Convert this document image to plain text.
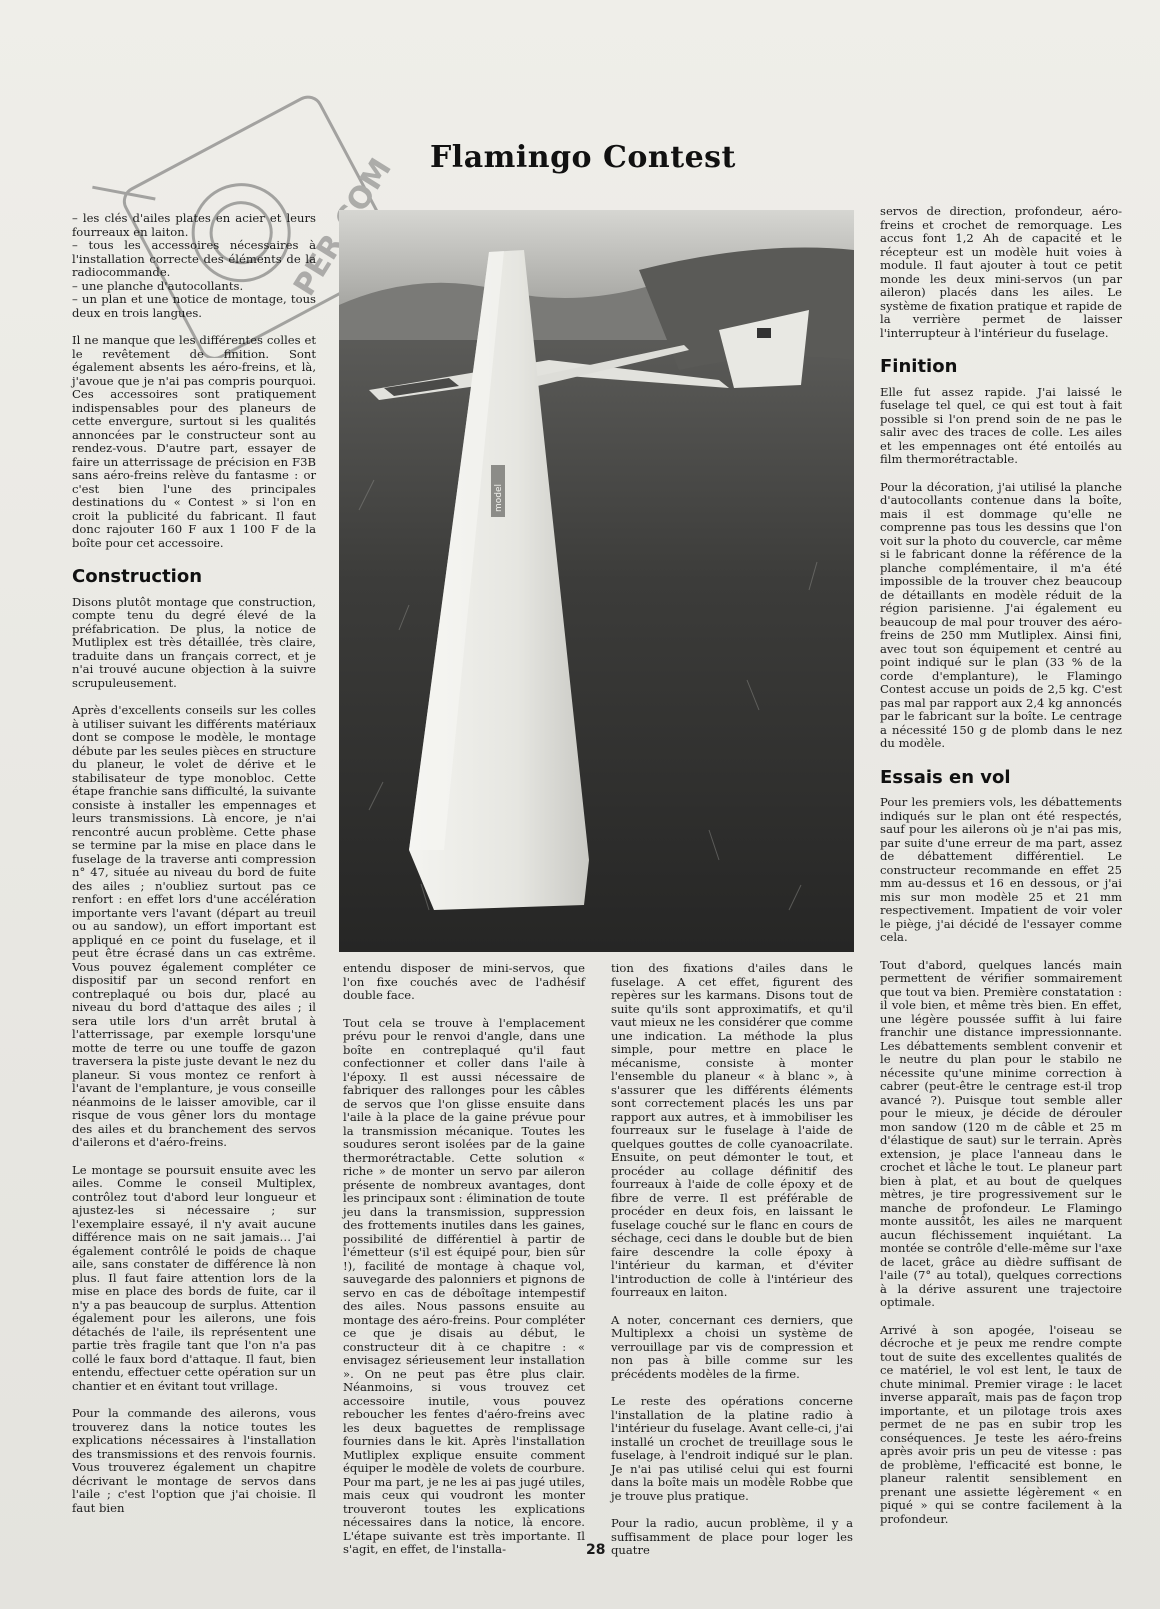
Flamingo Contest
– les clés d'ailes plates en acier et leurs fourreaux en laiton.
– tous les accessoires nécessaires à l'installation correcte des éléments de la radiocommande.
– une planche d'autocollants.
– un plan et une notice de montage, tous deux en trois langues.

Il ne manque que les différentes colles et le revêtement de finition. Sont également absents les aéro-freins, et là, j'avoue que je n'ai pas compris pourquoi. Ces accessoires sont pratiquement indispensables pour des planeurs de cette envergure, surtout si les qualités annoncées par le constructeur sont au rendez-vous. D'autre part, essayer de faire un atterrissage de précision en F3B sans aéro-freins relève du fantasme : or c'est bien l'une des principales destinations du « Contest » si l'on en croit la publicité du fabricant. Il faut donc rajouter 160 F aux 1 100 F de la boîte pour cet accessoire.

Construction

Disons plutôt montage que construction, compte tenu du degré élevé de la préfabrication. De plus, la notice de Mutliplex est très détaillée, très claire, traduite dans un français correct, et je n'ai trouvé aucune objection à la suivre scrupuleusement.

Après d'excellents conseils sur les colles à utiliser suivant les différents matériaux dont se compose le modèle, le montage débute par les seules pièces en structure du planeur, le volet de dérive et le stabilisateur de type monobloc. Cette étape franchie sans difficulté, la suivante consiste à installer les empennages et leurs transmissions. Là encore, je n'ai rencontré aucun problème. Cette phase se termine par la mise en place dans le fuselage de la traverse anti compression n° 47, située au niveau du bord de fuite des ailes ; n'oubliez surtout pas ce renfort : en effet lors d'une accélération importante vers l'avant (départ au treuil ou au sandow), un effort important est appliqué en ce point du fuselage, et il peut être écrasé dans un cas extrême. Vous pouvez également compléter ce dispositif par un second renfort en contreplaqué ou bois dur, placé au niveau du bord d'attaque des ailes ; il sera utile lors d'un arrêt brutal à l'atterrissage, par exemple lorsqu'une motte de terre ou une touffe de gazon traversera la piste juste devant le nez du planeur. Si vous montez ce renfort à l'avant de l'emplanture, je vous conseille néanmoins de le laisser amovible, car il risque de vous gêner lors du montage des ailes et du branchement des servos d'ailerons et d'aéro-freins.

Le montage se poursuit ensuite avec les ailes. Comme le conseil Multiplex, contrôlez tout d'abord leur longueur et ajustez-les si nécessaire ; sur l'exemplaire essayé, il n'y avait aucune différence mais on ne sait jamais… J'ai également contrôlé le poids de chaque aile, sans constater de différence là non plus. Il faut faire attention lors de la mise en place des bords de fuite, car il n'y a pas beaucoup de surplus. Attention également pour les ailerons, une fois détachés de l'aile, ils représentent une partie très fragile tant que l'on n'a pas collé le faux bord d'attaque. Il faut, bien entendu, effectuer cette opération sur un chantier et en évitant tout vrillage.

Pour la commande des ailerons, vous trouverez dans la notice toutes les explications nécessaires à l'installation des transmissions et des renvois fournis. Vous trouverez également un chapitre décrivant le montage de servos dans l'aile ; c'est l'option que j'ai choisie. Il faut bien

model

entendu disposer de mini-servos, que l'on fixe couchés avec de l'adhésif double face.

Tout cela se trouve à l'emplacement prévu pour le renvoi d'angle, dans une boîte en contreplaqué qu'il faut confectionner et coller dans l'aile à l'époxy. Il est aussi nécessaire de fabriquer des rallonges pour les câbles de servos que l'on glisse ensuite dans l'aile à la place de la gaine prévue pour la transmission mécanique. Toutes les soudures seront isolées par de la gaine thermorétractable. Cette solution « riche » de monter un servo par aileron présente de nombreux avantages, dont les principaux sont : élimination de toute jeu dans la transmission, suppression des frottements inutiles dans les gaines, possibilité de différentiel à partir de l'émetteur (s'il est équipé pour, bien sûr !), facilité de montage à chaque vol, sauvegarde des palonniers et pignons de servo en cas de déboîtage intempestif des ailes. Nous passons ensuite au montage des aéro-freins. Pour compléter ce que je disais au début, le constructeur dit à ce chapitre : « envisagez sérieusement leur installation ». On ne peut pas être plus clair. Néanmoins, si vous trouvez cet accessoire inutile, vous pouvez reboucher les fentes d'aéro-freins avec les deux baguettes de remplissage fournies dans le kit. Après l'installation Mutliplex explique ensuite comment équiper le modèle de volets de courbure. Pour ma part, je ne les ai pas jugé utiles, mais ceux qui voudront les monter trouveront toutes les explications nécessaires dans la notice, là encore. L'étape suivante est très importante. Il s'agit, en effet, de l'installa-

tion des fixations d'ailes dans le fuselage. A cet effet, figurent des repères sur les karmans. Disons tout de suite qu'ils sont approximatifs, et qu'il vaut mieux ne les considérer que comme une indication. La méthode la plus simple, pour mettre en place le mécanisme, consiste à monter l'ensemble du planeur « à blanc », à s'assurer que les différents éléments sont correctement placés les uns par rapport aux autres, et à immobiliser les fourreaux sur le fuselage à l'aide de quelques gouttes de colle cyanoacrilate. Ensuite, on peut démonter le tout, et procéder au collage définitif des fourreaux à l'aide de colle époxy et de fibre de verre. Il est préférable de procéder en deux fois, en laissant le fuselage couché sur le flanc en cours de séchage, ceci dans le double but de bien faire descendre la colle époxy à l'intérieur du karman, et d'éviter l'introduction de colle à l'intérieur des fourreaux en laiton.

A noter, concernant ces derniers, que Multiplexx a choisi un système de verrouillage par vis de compression et non pas à bille comme sur les précédents modèles de la firme.

Le reste des opérations concerne l'installation de la platine radio à l'intérieur du fuselage. Avant celle-ci, j'ai installé un crochet de treuillage sous le fuselage, à l'endroit indiqué sur le plan. Je n'ai pas utilisé celui qui est fourni dans la boîte mais un modèle Robbe que je trouve plus pratique.

Pour la radio, aucun problème, il y a suffisamment de place pour loger les quatre

servos de direction, profondeur, aéro-freins et crochet de remorquage. Les accus font 1,2 Ah de capacité et le récepteur est un modèle huit voies à module. Il faut ajouter à tout ce petit monde les deux mini-servos (un par aileron) placés dans les ailes. Le système de fixation pratique et rapide de la verrière permet de laisser l'interrupteur à l'intérieur du fuselage.

Finition

Elle fut assez rapide. J'ai laissé le fuselage tel quel, ce qui est tout à fait possible si l'on prend soin de ne pas le salir avec des traces de colle. Les ailes et les empennages ont été entoilés au film thermorétractable.

Pour la décoration, j'ai utilisé la planche d'autocollants contenue dans la boîte, mais il est dommage qu'elle ne comprenne pas tous les dessins que l'on voit sur la photo du couvercle, car même si le fabricant donne la référence de la planche complémentaire, il m'a été impossible de la trouver chez beaucoup de détaillants en modèle réduit de la région parisienne. J'ai également eu beaucoup de mal pour trouver des aéro-freins de 250 mm Mutliplex. Ainsi fini, avec tout son équipement et centré au point indiqué sur le plan (33 % de la corde d'emplanture), le Flamingo Contest accuse un poids de 2,5 kg. C'est pas mal par rapport aux 2,4 kg annoncés par le fabricant sur la boîte. Le centrage a nécessité 150 g de plomb dans le nez du modèle.

Essais en vol

Pour les premiers vols, les débattements indiqués sur le plan ont été respectés, sauf pour les ailerons où je n'ai pas mis, par suite d'une erreur de ma part, assez de débattement différentiel. Le constructeur recommande en effet 25 mm au-dessus et 16 en dessous, or j'ai mis sur mon modèle 25 et 21 mm respectivement. Impatient de voir voler le piège, j'ai décidé de l'essayer comme cela.

Tout d'abord, quelques lancés main permettent de vérifier sommairement que tout va bien. Première constatation : il vole bien, et même très bien. En effet, une légère poussée suffit à lui faire franchir une distance impressionnante. Les débattements semblent convenir et le neutre du plan pour le stabilo ne nécessite qu'une minime correction à cabrer (peut-être le centrage est-il trop avancé ?). Puisque tout semble aller pour le mieux, je décide de dérouler mon sandow (120 m de câble et 25 m d'élastique de saut) sur le terrain. Après extension, je place l'anneau dans le crochet et lâche le tout. Le planeur part bien à plat, et au bout de quelques mètres, je tire progressivement sur le manche de profondeur. Le Flamingo monte aussitôt, les ailes ne marquent aucun fléchissement inquiétant. La montée se contrôle d'elle-même sur l'axe de lacet, grâce au dièdre suffisant de l'aile (7° au total), quelques corrections à la dérive assurent une trajectoire optimale.

Arrivé à son apogée, l'oiseau se décroche et je peux me rendre compte tout de suite des excellentes qualités de ce matériel, le vol est lent, le taux de chute minimal. Premier virage : le lacet inverse apparaît, mais pas de façon trop importante, et un pilotage trois axes permet de ne pas en subir trop les conséquences. Je teste les aéro-freins après avoir pris un peu de vitesse : pas de problème, l'efficacité est bonne, le planeur ralentit sensiblement en prenant une assiette légèrement « en piqué » qui se contre facilement à la profondeur.

28
